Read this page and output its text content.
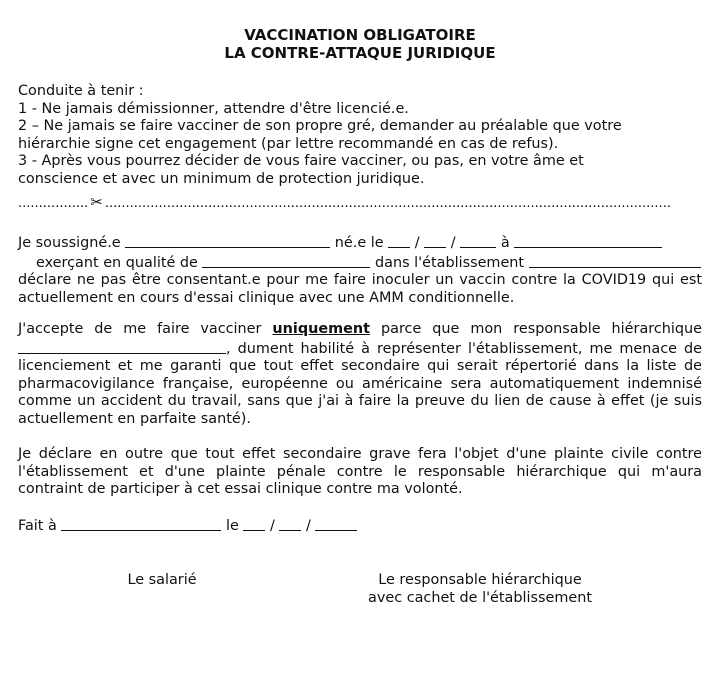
VACCINATION OBLIGATOIRE
LA CONTRE-ATTAQUE JURIDIQUE

Conduite à tenir :

1 - Ne jamais démissionner, attendre d'être licencié.e.

2 – Ne jamais se faire vacciner de son propre gré, demander au préalable que votre

hiérarchie signe cet engagement (par lettre recommandé en cas de refus).

3 - Après vous pourrez décider de vous faire vacciner, ou pas, en votre âme et

conscience et avec un minimum de protection juridique.

................. ✂ .........................................................................................................................................

Je soussigné.e	né.e le / /	à

exerçant en qualité de	dans l'établissement

déclare ne pas être consentant.e pour me faire inoculer un vaccin contre la COVID19 qui est actuellement en cours d'essai clinique avec une AMM conditionnelle.

J'accepte de me faire vacciner uniquement parce que mon responsable hiérarchique , dument habilité à représenter l'établissement, me menace de licenciement et me garanti que tout effet secondaire qui serait répertorié dans la liste de pharmacovigilance française, européenne ou américaine sera automatiquement indemnisé comme un accident du travail, sans que j'ai à faire la preuve du lien de cause à effet (je suis actuellement en parfaite santé).

Je déclare en outre que tout effet secondaire grave fera l'objet d'une plainte civile contre l'établissement et d'une plainte pénale contre le responsable hiérarchique qui m'aura contraint de participer à cet essai clinique contre ma volonté.

Fait à	le / /
Le salarié	Le responsable hiérarchique
avec cachet de l'établissement
